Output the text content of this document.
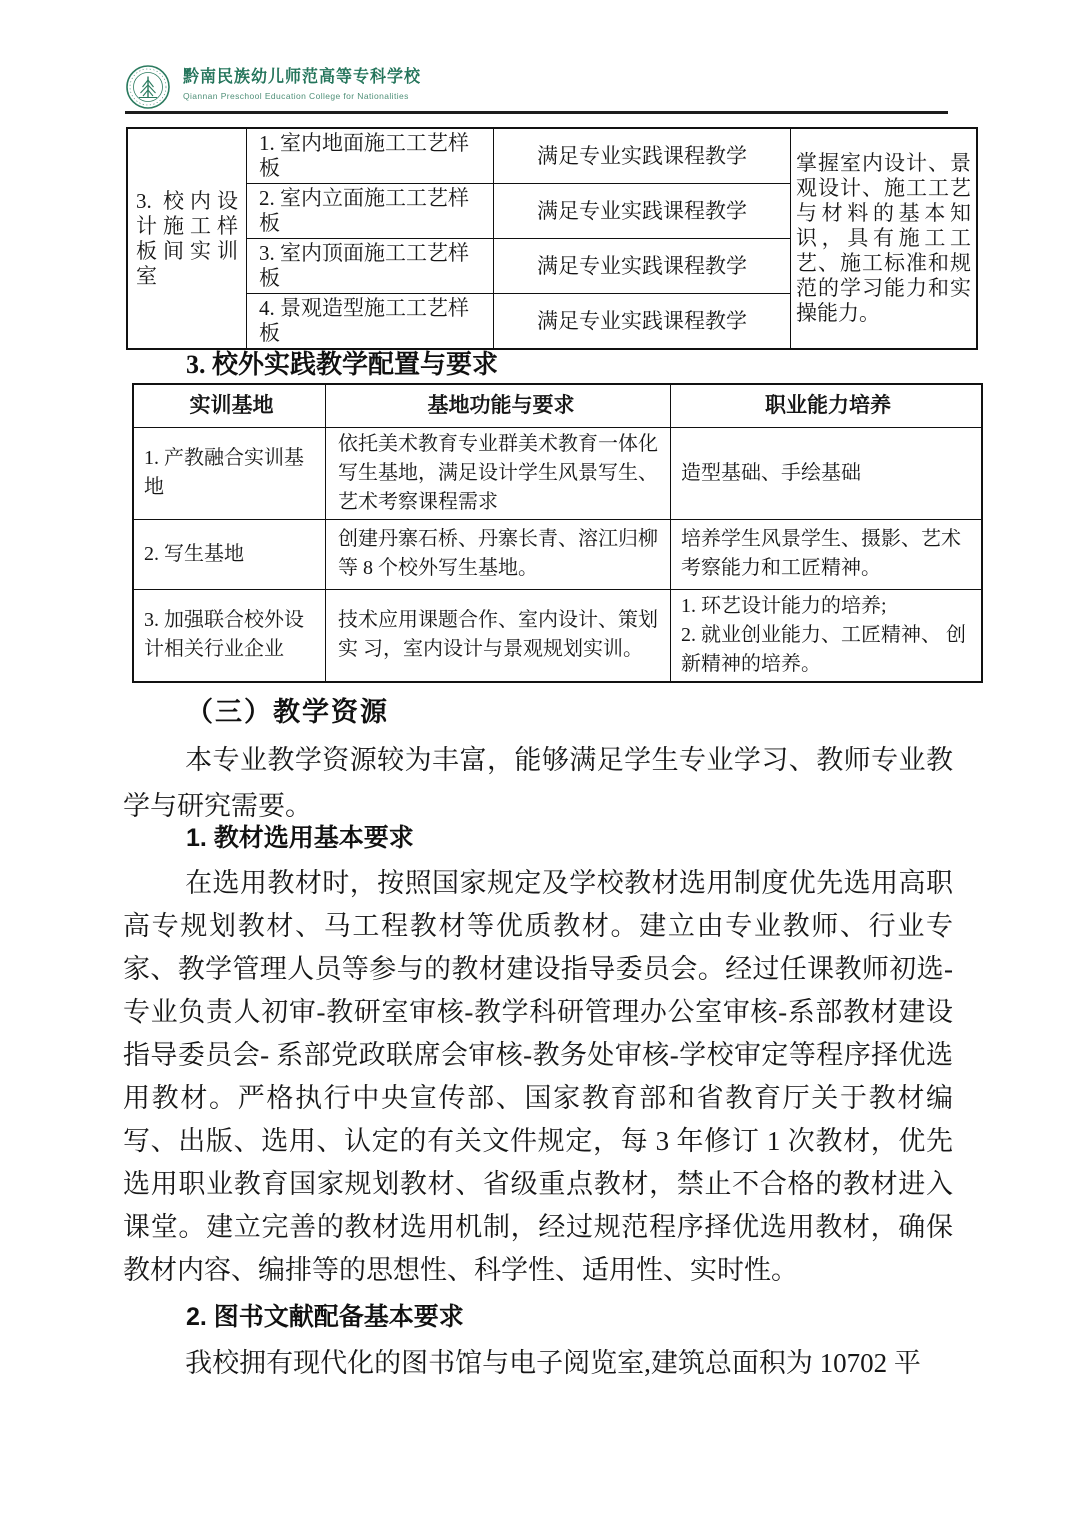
黔南民族幼儿师范高等专科学校
Qiannan Preschool Education College for Nationalities
3. 校内设计施工样板间实训室	1. 室内地面施工工艺样板	满足专业实践课程教学	掌握室内设计、景观设计、施工工艺与材料的基本知识，具有施工工艺、施工标准和规范的学习能力和实操能力。
	2. 室内立面施工工艺样板	满足专业实践课程教学	
	3. 室内顶面施工工艺样板	满足专业实践课程教学	
	4. 景观造型施工工艺样板	满足专业实践课程教学	
3. 校外实践教学配置与要求
实训基地	基地功能与要求	职业能力培养
1. 产教融合实训基地	依托美术教育专业群美术教育一体化写生基地，满足设计学生风景写生、艺术考察课程需求	造型基础、手绘基础

2. 写生基地	创建丹寨石桥、丹寨长青、溶江归柳等 8 个校外写生基地。	培养学生风景学生、摄影、艺术考察能力和工匠精神。

3. 加强联合校外设计相关行业企业	技术应用课题合作、室内设计、策划实 习，室内设计与景观规划实训。	1. 环艺设计能力的培养;
2. 就业创业能力、工匠精神、 创新精神的培养。
（三）教学资源
本专业教学资源较为丰富，能够满足学生专业学习、教师专业教学与研究需要。
1. 教材选用基本要求
在选用教材时，按照国家规定及学校教材选用制度优先选用高职高专规划教材、马工程教材等优质教材。建立由专业教师、行业专家、教学管理人员等参与的教材建设指导委员会。经过任课教师初选-专业负责人初审-教研室审核-教学科研管理办公室审核-系部教材建设指导委员会- 系部党政联席会审核-教务处审核-学校审定等程序择优选用教材。严格执行中央宣传部、国家教育部和省教育厅关于教材编写、出版、选用、认定的有关文件规定，每 3 年修订 1 次教材，优先选用职业教育国家规划教材、省级重点教材，禁止不合格的教材进入课堂。建立完善的教材选用机制，经过规范程序择优选用教材，确保教材内容、编排等的思想性、科学性、适用性、实时性。
2. 图书文献配备基本要求
我校拥有现代化的图书馆与电子阅览室,建筑总面积为 10702 平
